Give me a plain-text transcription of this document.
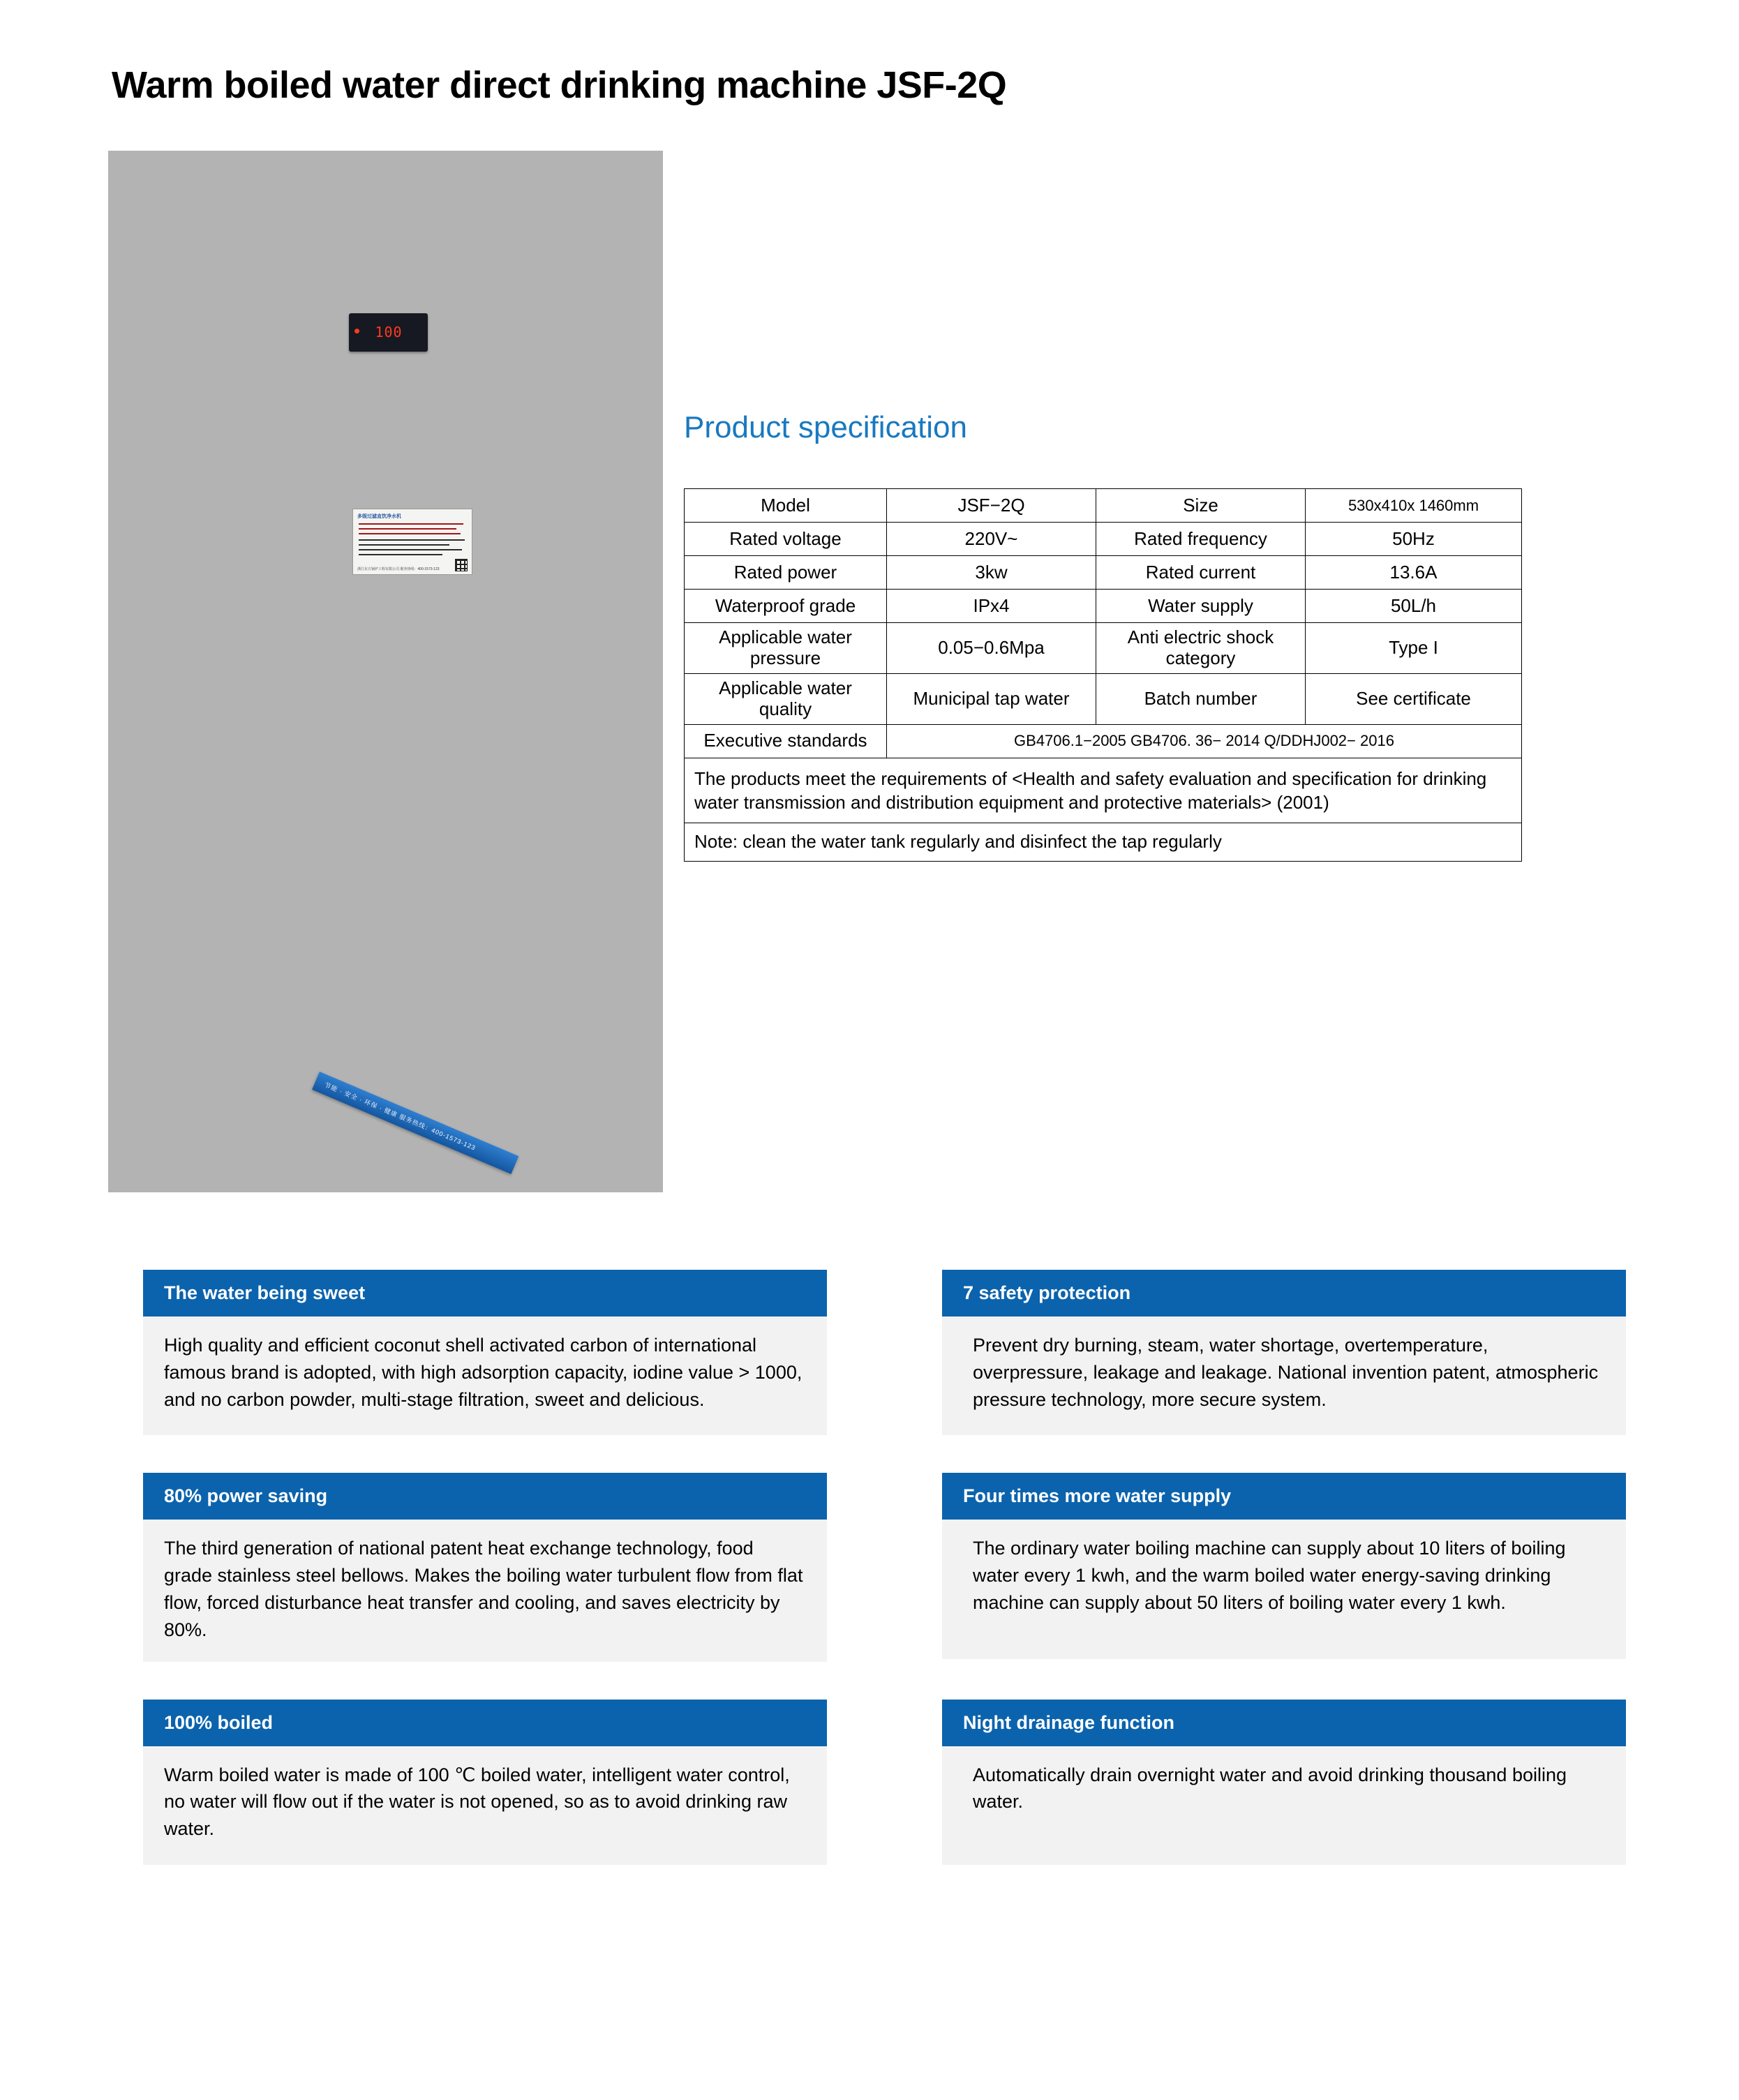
Warm boiled water direct drinking machine JSF-2Q
100
多级过滤直饮净水机
浙江东方锅炉工程有限公司 服务热线：400-1573-123
节能 · 安全 · 环保 · 健康 服务热线：400-1573-123
Product specification
Model	JSF−2Q	Size	530x410x 1460mm
Rated voltage	220V~	Rated frequency	50Hz
Rated power	3kw	Rated current	13.6A
Waterproof grade	IPx4	Water supply	50L/h
Applicable water pressure	0.05−0.6Mpa	Anti electric shock category	Type I
Applicable water quality	Municipal tap water	Batch number	See certificate
Executive standards	GB4706.1−2005 GB4706. 36− 2014 Q/DDHJ002− 2016		
The products meet the requirements of <Health and safety evaluation and specification for drinking water transmission and distribution equipment and protective materials> (2001)			
Note: clean the water tank regularly and disinfect the tap regularly			
The water being sweet
High quality and efficient coconut shell activated carbon of international famous brand is adopted, with high adsorption capacity, iodine value > 1000, and no carbon powder, multi-stage filtration, sweet and delicious.
7 safety protection
Prevent dry burning, steam, water shortage, overtemperature, overpressure, leakage and leakage. National invention patent, atmospheric pressure technology, more secure system.
80% power saving
The third generation of national patent heat exchange technology, food grade stainless steel bellows. Makes the boiling water turbulent flow from flat flow, forced disturbance heat transfer and cooling, and saves electricity by 80%.
Four times more water supply
The ordinary water boiling machine can supply about 10 liters of boiling water every 1 kwh, and the warm boiled water energy-saving drinking machine can supply about 50 liters of boiling water every 1 kwh.
100% boiled
Warm boiled water is made of 100 ℃ boiled water, intelligent water control, no water will flow out if the water is not opened, so as to avoid drinking raw water.
Night drainage function
Automatically drain overnight water and avoid drinking thousand boiling water.
